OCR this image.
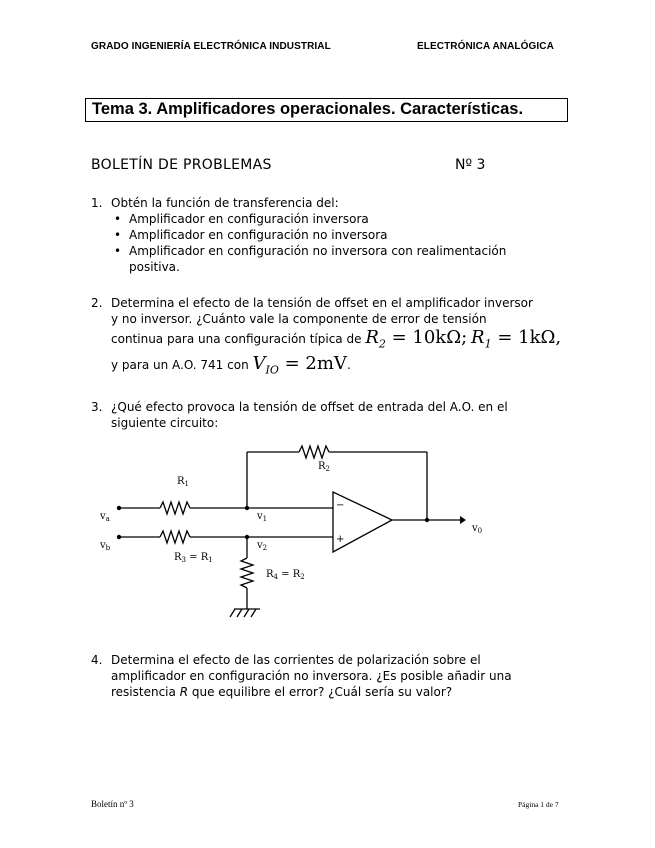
GRADO INGENIERÍA ELECTRÓNICA INDUSTRIAL	ELECTRÓNICA ANALÓGICA
Tema 3. Amplificadores operacionales. Características.
BOLETÍN DE PROBLEMAS	Nº 3
1. Obtén la función de transferencia del:
• Amplificador en configuración inversora
• Amplificador en configuración no inversora
• Amplificador en configuración no inversora con realimentación
positiva.
2. Determina el efecto de la tensión de offset en el amplificador inversor
y no inversor. ¿Cuánto vale la componente de error de tensión
continua para una configuración típica de $R_2 = 10k\Omega$; $R_1 = 1k\Omega$,
y para un A.O. 741 con $V_{IO} = 2mV$.
3. ¿Qué efecto provoca la tensión de offset de entrada del A.O. en el
siguiente circuito:
$R_1$
$R_2$
$R_3 = R_1$
$R_4 = R_2$
$v_a$
$v_b$
$v_1$
$v_2$
$v_0$
−
+
4. Determina el efecto de las corrientes de polarización sobre el
amplificador en configuración no inversora. ¿Es posible añadir una
resistencia R que equilibre el error? ¿Cuál sería su valor?
Boletín nº 3	Página 1 de 7
